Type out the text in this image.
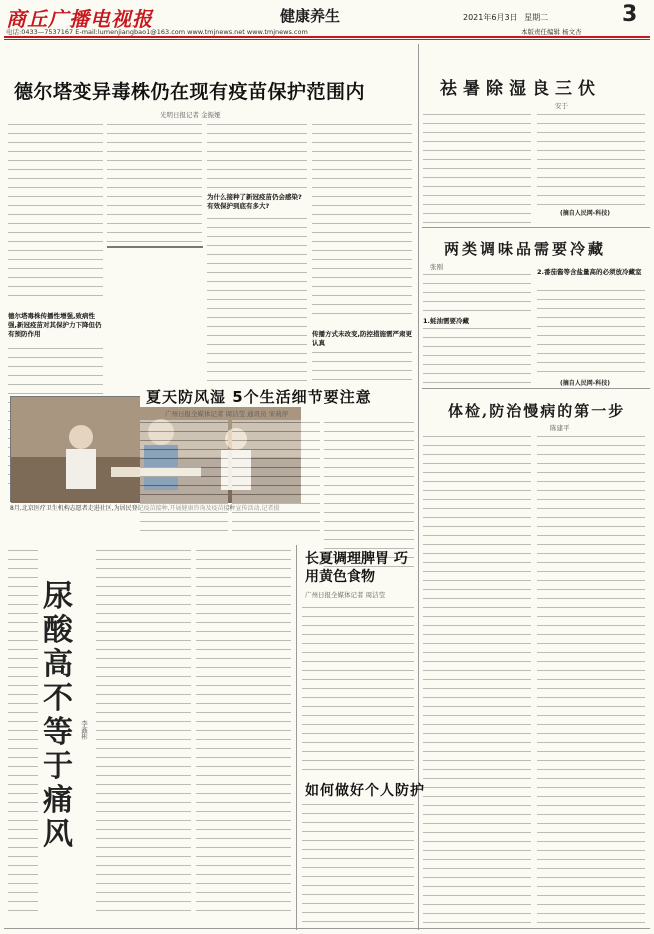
商丘广播电视报	健康养生	2021年6月3日 星期二	3
电话:0433—7537167 E-mail:lumenjiangbao1@163.com www.tmjnews.net www.tmjnews.com	本版责任编辑 杨文杏
德尔塔变异毒株仍在现有疫苗保护范围内
光明日报记者 金振娅
德尔塔毒株传播性增强,致病性强,新冠疫苗对其保护力下降但仍有预防作用
为什么接种了新冠疫苗仍会感染?有效保护到底有多大?
传播方式未改变,防控措施需严肃更认真
8月,北京医疗卫生机构志愿者走进社区,为居民登记疫苗接种,开展健康咨询及疫苗接种宣传活动,记者摄
祛暑除湿良三伏
安于
(摘自人民网-科技)
两类调味品需要冷藏
张刚
1.蚝油需要冷藏
2.番茄酱等含盐量高的必须放冷藏室
(摘自人民网-科技)
体检,防治慢病的第一步
陈建平
夏天防风湿 5个生活细节要注意
广州日报全媒体记者 周洁莹 通讯员 宋莉萍
尿酸高不等于痛风
李鑫彬
长夏调理脾胃 巧用黄色食物
广州日报全媒体记者 周洁莹
如何做好个人防护
